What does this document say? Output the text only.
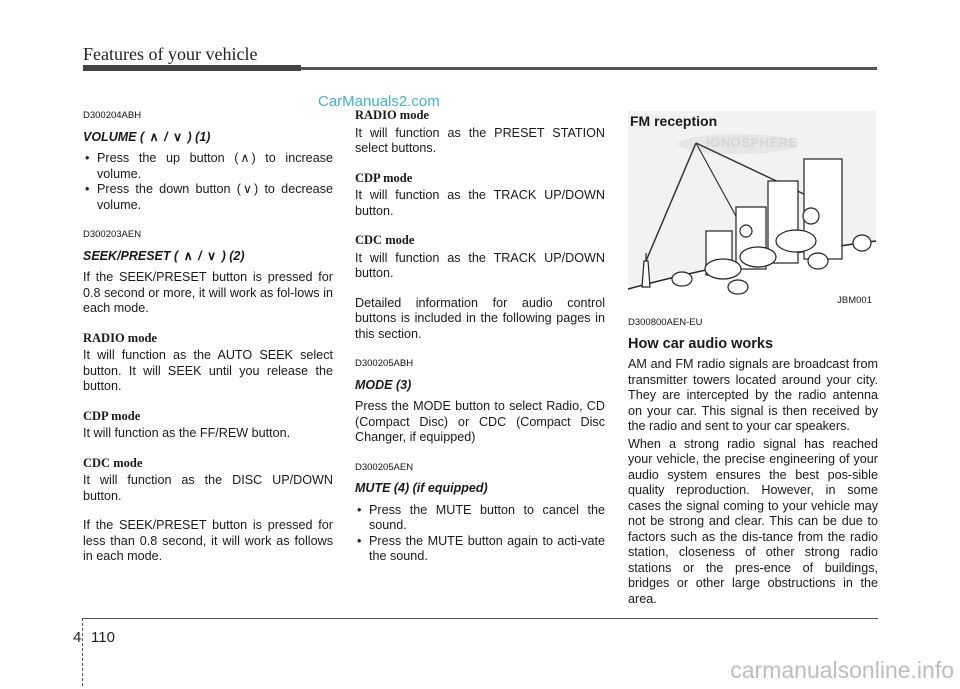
Features of your vehicle
CarManuals2.com
D300204ABH
VOLUME ( ∧ / ∨ ) (1)
• Press the up button ( ∧ ) to increase volume.
• Press the down button ( ∨ ) to decrease volume.
D300203AEN
SEEK/PRESET ( ∧ / ∨ ) (2)

If the SEEK/PRESET button is pressed for 0.8 second or more, it will work as fol-lows in each mode.

RADIO mode

It will function as the AUTO SEEK select button. It will SEEK until you release the button.

CDP mode

It will function as the FF/REW button.

CDC mode

It will function as the DISC UP/DOWN button.

If the SEEK/PRESET button is pressed for less than 0.8 second, it will work as follows in each mode.

RADIO mode

It will function as the PRESET STATION select buttons.

CDP mode

It will function as the TRACK UP/DOWN button.

CDC mode

It will function as the TRACK UP/DOWN button.

Detailed information for audio control buttons is included in the following pages in this section.

D300205ABH
MODE (3)

Press the MODE button to select Radio, CD (Compact Disc) or CDC (Compact Disc Changer, if equipped)

D300205AEN
MUTE (4) (if equipped)
• Press the MUTE button to cancel the sound.
• Press the MUTE button again to acti-vate the sound.
FM reception
IONOSPHERE
JBM001
D300800AEN-EU
How car audio works

AM and FM radio signals are broadcast from transmitter towers located around your city. They are intercepted by the radio antenna on your car. This signal is then received by the radio and sent to your car speakers.

When a strong radio signal has reached your vehicle, the precise engineering of your audio system ensures the best pos-sible quality reproduction. However, in some cases the signal coming to your vehicle may not be strong and clear. This can be due to factors such as the dis-tance from the radio station, closeness of other strong radio stations or the pres-ence of buildings, bridges or other large obstructions in the area.

4 110
carmanualsonline.info
